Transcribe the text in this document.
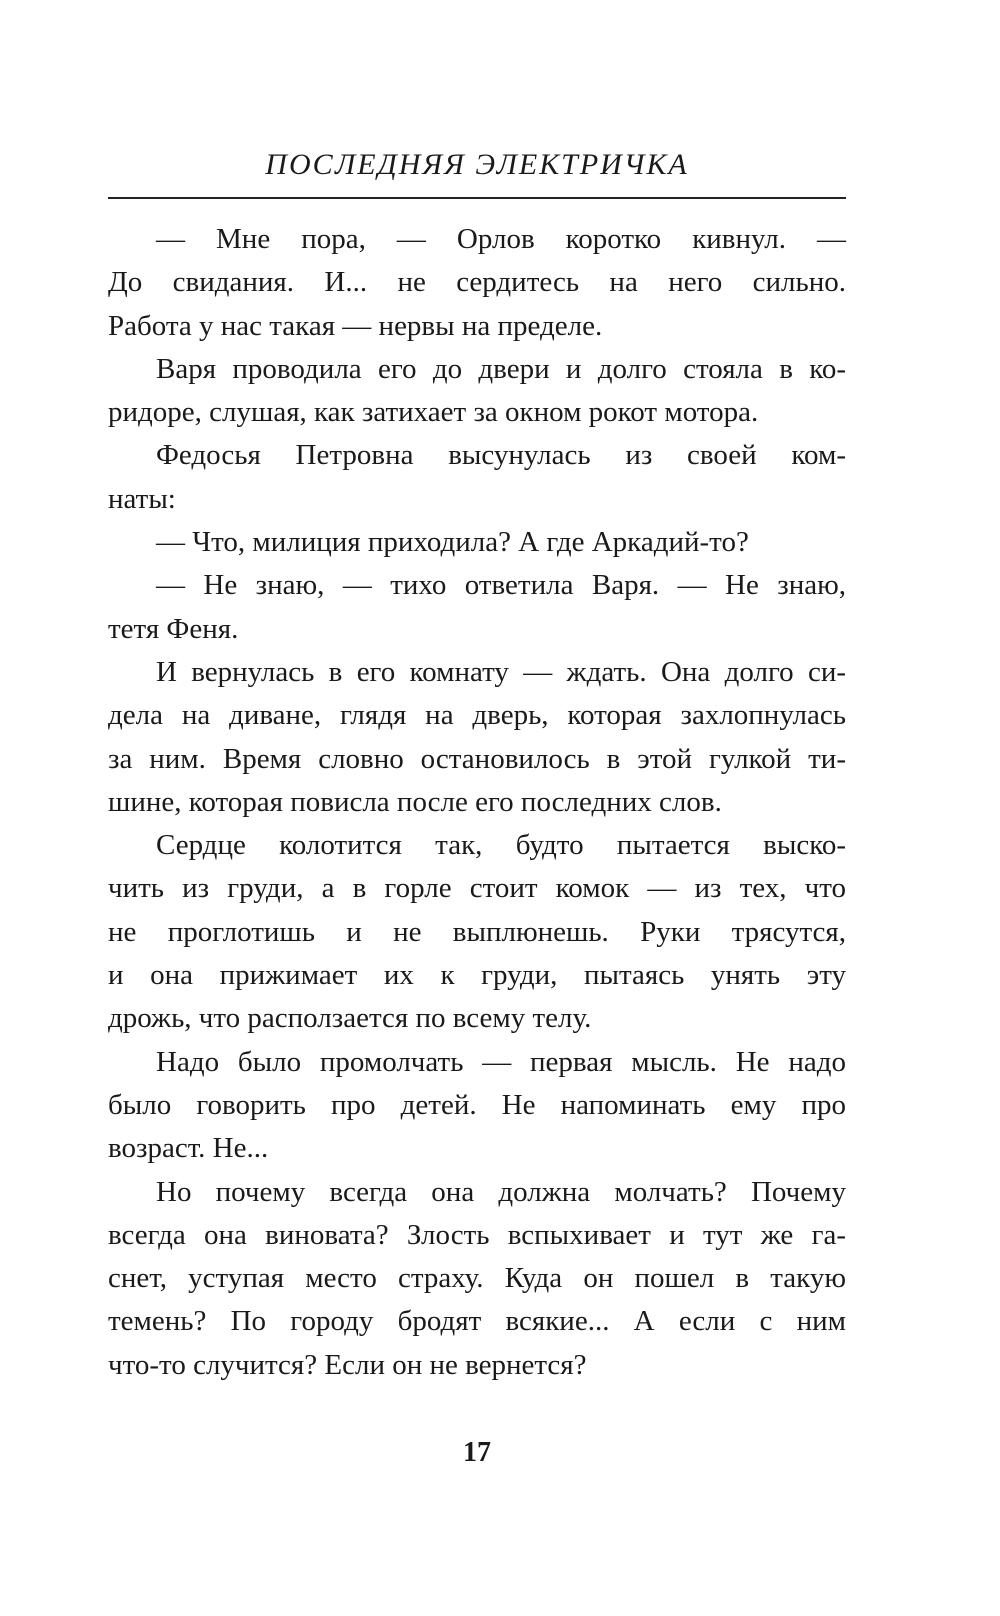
ПОСЛЕДНЯЯ ЭЛЕКТРИЧКА
— Мне пора, — Орлов коротко кивнул. —
До свидания. И... не сердитесь на него сильно.
Работа у нас такая — нервы на пределе.
Варя проводила его до двери и долго стояла в ко-
ридоре, слушая, как затихает за окном рокот мотора.
Федосья Петровна высунулась из своей ком-
наты:
— Что, милиция приходила? А где Аркадий-то?
— Не знаю, — тихо ответила Варя. — Не знаю,
тетя Феня.
И вернулась в его комнату — ждать. Она долго си-
дела на диване, глядя на дверь, которая захлопнулась
за ним. Время словно остановилось в этой гулкой ти-
шине, которая повисла после его последних слов.
Сердце колотится так, будто пытается выско-
чить из груди, а в горле стоит комок — из тех, что
не проглотишь и не выплюнешь. Руки трясутся,
и она прижимает их к груди, пытаясь унять эту
дрожь, что расползается по всему телу.
Надо было промолчать — первая мысль. Не надо
было говорить про детей. Не напоминать ему про
возраст. Не...
Но почему всегда она должна молчать? Почему
всегда она виновата? Злость вспыхивает и тут же га-
снет, уступая место страху. Куда он пошел в такую
темень? По городу бродят всякие... А если с ним
что-то случится? Если он не вернется?
17
